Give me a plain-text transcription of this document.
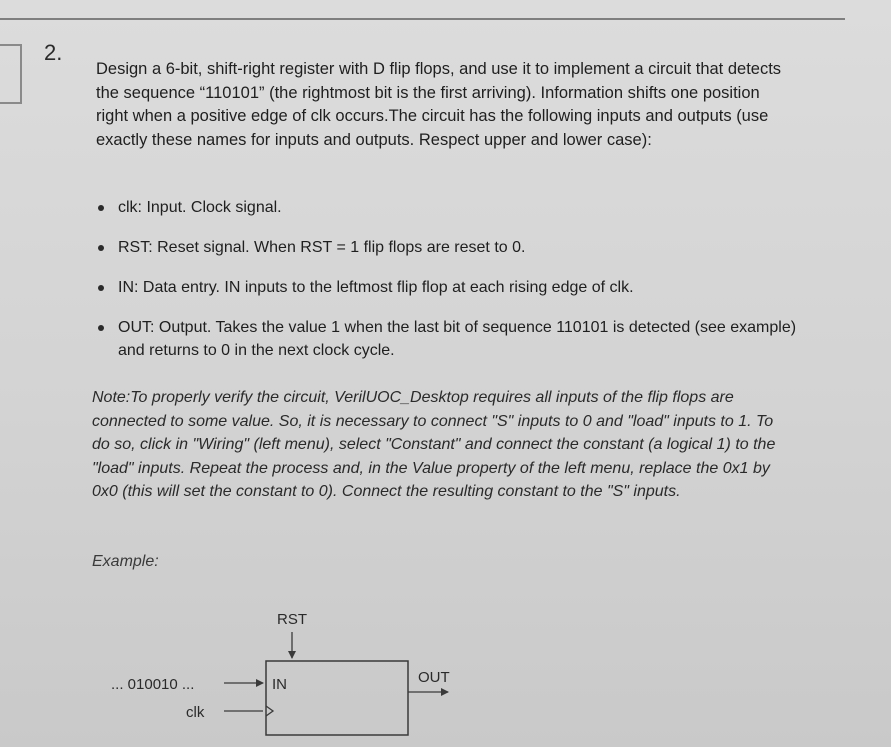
2.
Design a 6-bit, shift-right register with D flip flops, and use it to implement a circuit that detects the sequence “110101” (the rightmost bit is the first arriving). Information shifts one position right when a positive edge of clk occurs.The circuit has the following inputs and outputs (use exactly these names for inputs and outputs. Respect upper and lower case):
clk: Input. Clock signal.
RST: Reset signal. When RST = 1 flip flops are reset to 0.
IN: Data entry. IN inputs to the leftmost flip flop at each rising edge of clk.
OUT: Output. Takes the value 1 when the last bit of sequence 110101 is detected (see example) and returns to 0 in the next clock cycle.
Note:To properly verify the circuit, VerilUOC_Desktop requires all inputs of the flip flops are connected to some value. So, it is necessary to connect "S" inputs to 0 and "load" inputs to 1. To do so, click in "Wiring" (left menu), select "Constant" and connect the constant (a logical 1) to the "load" inputs. Repeat the process and, in the Value property of the left menu, replace the 0x1 by 0x0 (this will set the constant to 0). Connect the resulting constant to the "S" inputs.
Example:
RST
... 010010 ...	IN
clk
OUT
